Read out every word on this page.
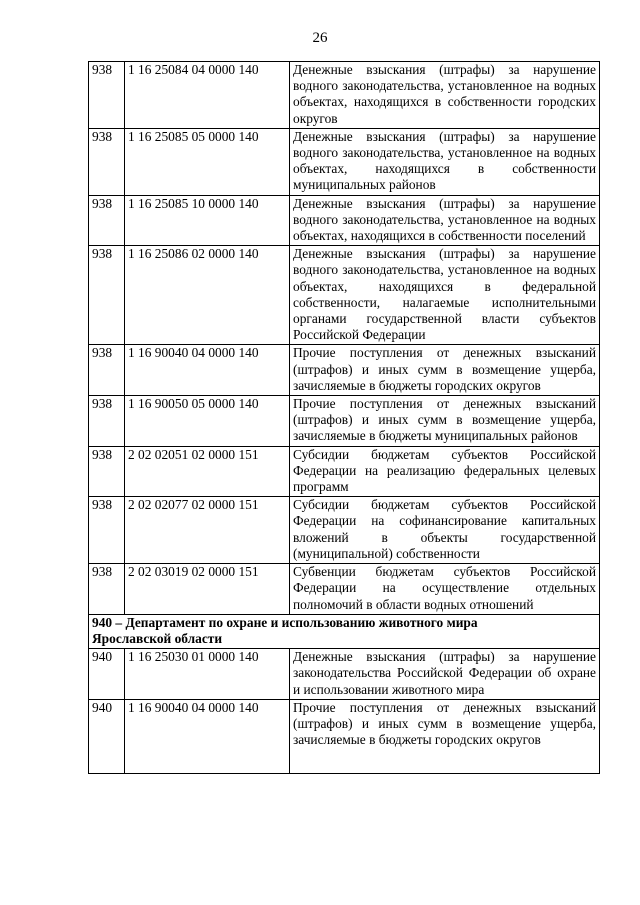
26
938	1 16 25084 04 0000 140	Денежные взыскания (штрафы) за нарушение водного законодательства, установленное на водных объектах, находящихся в собственности городских округов
938	1 16 25085 05 0000 140	Денежные взыскания (штрафы) за нарушение водного законодательства, установленное на водных объектах, находящихся в собственности муниципальных районов
938	1 16 25085 10 0000 140	Денежные взыскания (штрафы) за нарушение водного законодательства, установленное на водных объектах, находящихся в собственности поселений
938	1 16 25086 02 0000 140	Денежные взыскания (штрафы) за нарушение водного законодательства, установленное на водных объектах, находящихся в федеральной собственности, налагаемые исполнительными органами государственной власти субъектов Российской Федерации
938	1 16 90040 04 0000 140	Прочие поступления от денежных взысканий (штрафов) и иных сумм в возмещение ущерба, зачисляемые в бюджеты городских округов
938	1 16 90050 05 0000 140	Прочие поступления от денежных взысканий (штрафов) и иных сумм в возмещение ущерба, зачисляемые в бюджеты муниципальных районов
938	2 02 02051 02 0000 151	Субсидии бюджетам субъектов Российской Федерации на реализацию федеральных целевых программ
938	2 02 02077 02 0000 151	Субсидии бюджетам субъектов Российской Федерации на софинансирование капитальных вложений в объекты государственной (муниципальной) собственности
938	2 02 03019 02 0000 151	Субвенции бюджетам субъектов Российской Федерации на осуществление отдельных полномочий в области водных отношений

940 – Департамент по охране и использованию животного мира
Ярославской области		

940	1 16 25030 01 0000 140	Денежные взыскания (штрафы) за нарушение законодательства Российской Федерации об охране и использовании животного мира
940	1 16 90040 04 0000 140	Прочие поступления от денежных взысканий (штрафов) и иных сумм в возмещение ущерба, зачисляемые в бюджеты городских округов
